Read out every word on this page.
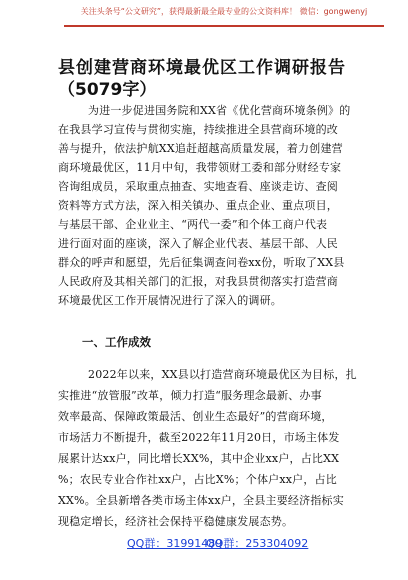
关注头条号“公文研究”，获得最新最全最专业的公文资料库！ 微信：gongwenyj
县创建营商环境最优区工作调研报告
（5079字）
为进一步促进国务院和XX省《优化营商环境条例》的
在我县学习宣传与贯彻实施，持续推进全县营商环境的改
善与提升，依法护航XX追赶超越高质量发展，着力创建营
商环境最优区，11月中旬，我带领财工委和部分财经专家
咨询组成员，采取重点抽查、实地查看、座谈走访、查阅
资料等方式方法，深入相关镇办、重点企业、重点项目，
与基层干部、企业业主、“两代一委”和个体工商户代表
进行面对面的座谈，深入了解企业代表、基层干部、人民
群众的呼声和愿望，先后征集调查问卷xx份，听取了XX县
人民政府及其相关部门的汇报，对我县贯彻落实打造营商
环境最优区工作开展情况进行了深入的调研。
一、工作成效
2022年以来，XX县以打造营商环境最优区为目标，扎
实推进“放管服”改革，倾力打造“服务理念最新、办事
效率最高、保障政策最活、创业生态最好”的营商环境，
市场活力不断提升，截至2022年11月20日，市场主体发
展累计达xx户，同比增长XX%，其中企业xx户，占比XX
%；农民专业合作社xx户，占比X%；个体户xx户，占比
XX%。全县新增各类市场主体xx户，全县主要经济指标实
现稳定增长，经济社会保持平稳健康发展态势。
QQ群：31991489
QQ群：253304092
